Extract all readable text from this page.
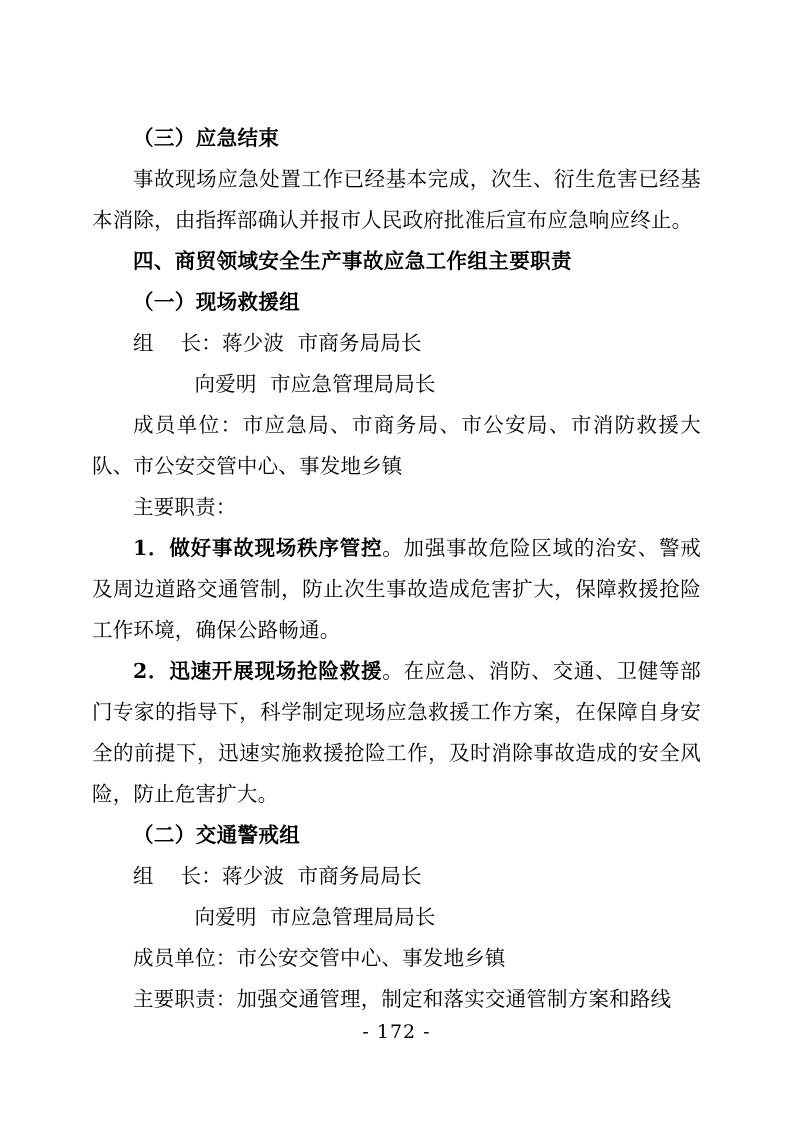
（三）应急结束

事故现场应急处置工作已经基本完成，次生、衍生危害已经基本消除，由指挥部确认并报市人民政府批准后宣布应急响应终止。

四、商贸领域安全生产事故应急工作组主要职责

（一）现场救援组

组    长：蒋少波  市商务局局长

向爱明  市应急管理局局长

成员单位：市应急局、市商务局、市公安局、市消防救援大队、市公安交管中心、事发地乡镇

主要职责：

1．做好事故现场秩序管控。加强事故危险区域的治安、警戒及周边道路交通管制，防止次生事故造成危害扩大，保障救援抢险工作环境，确保公路畅通。

2．迅速开展现场抢险救援。在应急、消防、交通、卫健等部门专家的指导下，科学制定现场应急救援工作方案，在保障自身安全的前提下，迅速实施救援抢险工作，及时消除事故造成的安全风险，防止危害扩大。

（二）交通警戒组

组    长：蒋少波  市商务局局长

向爱明  市应急管理局局长

成员单位：市公安交管中心、事发地乡镇

主要职责：加强交通管理，制定和落实交通管制方案和路线

- 172 -
